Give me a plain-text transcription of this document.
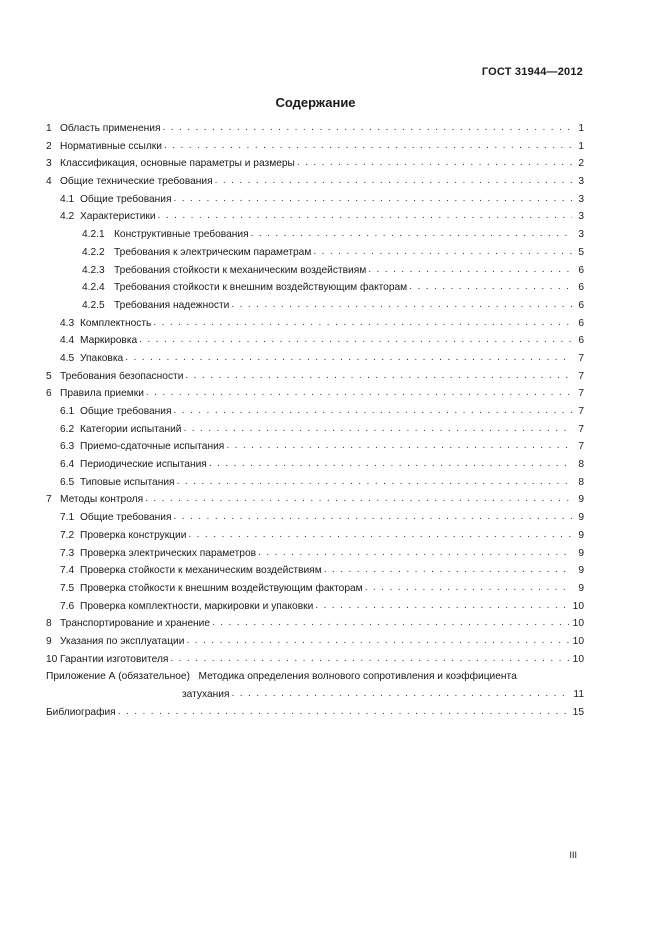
ГОСТ 31944—2012
Содержание
1 Область применения . . .	1
2 Нормативные ссылки . . .	1
3 Классификация, основные параметры и размеры . . .	2
4 Общие технические требования . . .	3
4.1 Общие требования . . .	3
4.2 Характеристики . . .	3
4.2.1 Конструктивные требования . . .	3
4.2.2 Требования к электрическим параметрам . . .	5
4.2.3 Требования стойкости к механическим воздействиям . . .	6
4.2.4 Требования стойкости к внешним воздействующим факторам . . .	6
4.2.5 Требования надежности . . .	6
4.3 Комплектность . . .	6
4.4 Маркировка . . .	6
4.5 Упаковка . . .	7
5 Требования безопасности . . .	7
6 Правила приемки . . .	7
6.1 Общие требования . . .	7
6.2 Категории испытаний . . .	7
6.3 Приемо-сдаточные испытания . . .	7
6.4 Периодические испытания . . .	8
6.5 Типовые испытания . . .	8
7 Методы контроля . . .	9
7.1 Общие требования . . .	9
7.2 Проверка конструкции . . .	9
7.3 Проверка электрических параметров . . .	9
7.4 Проверка стойкости к механическим воздействиям . . .	9
7.5 Проверка стойкости к внешним воздействующим факторам . . .	9
7.6 Проверка комплектности, маркировки и упаковки . . .	10
8 Транспортирование и хранение . . .	10
9 Указания по эксплуатации . . .	10
10 Гарантии изготовителя . . .	10
Приложение А (обязательное) Методика определения волнового сопротивления и коэффициента
затухания . . .	11
Библиография . . .	15
III
